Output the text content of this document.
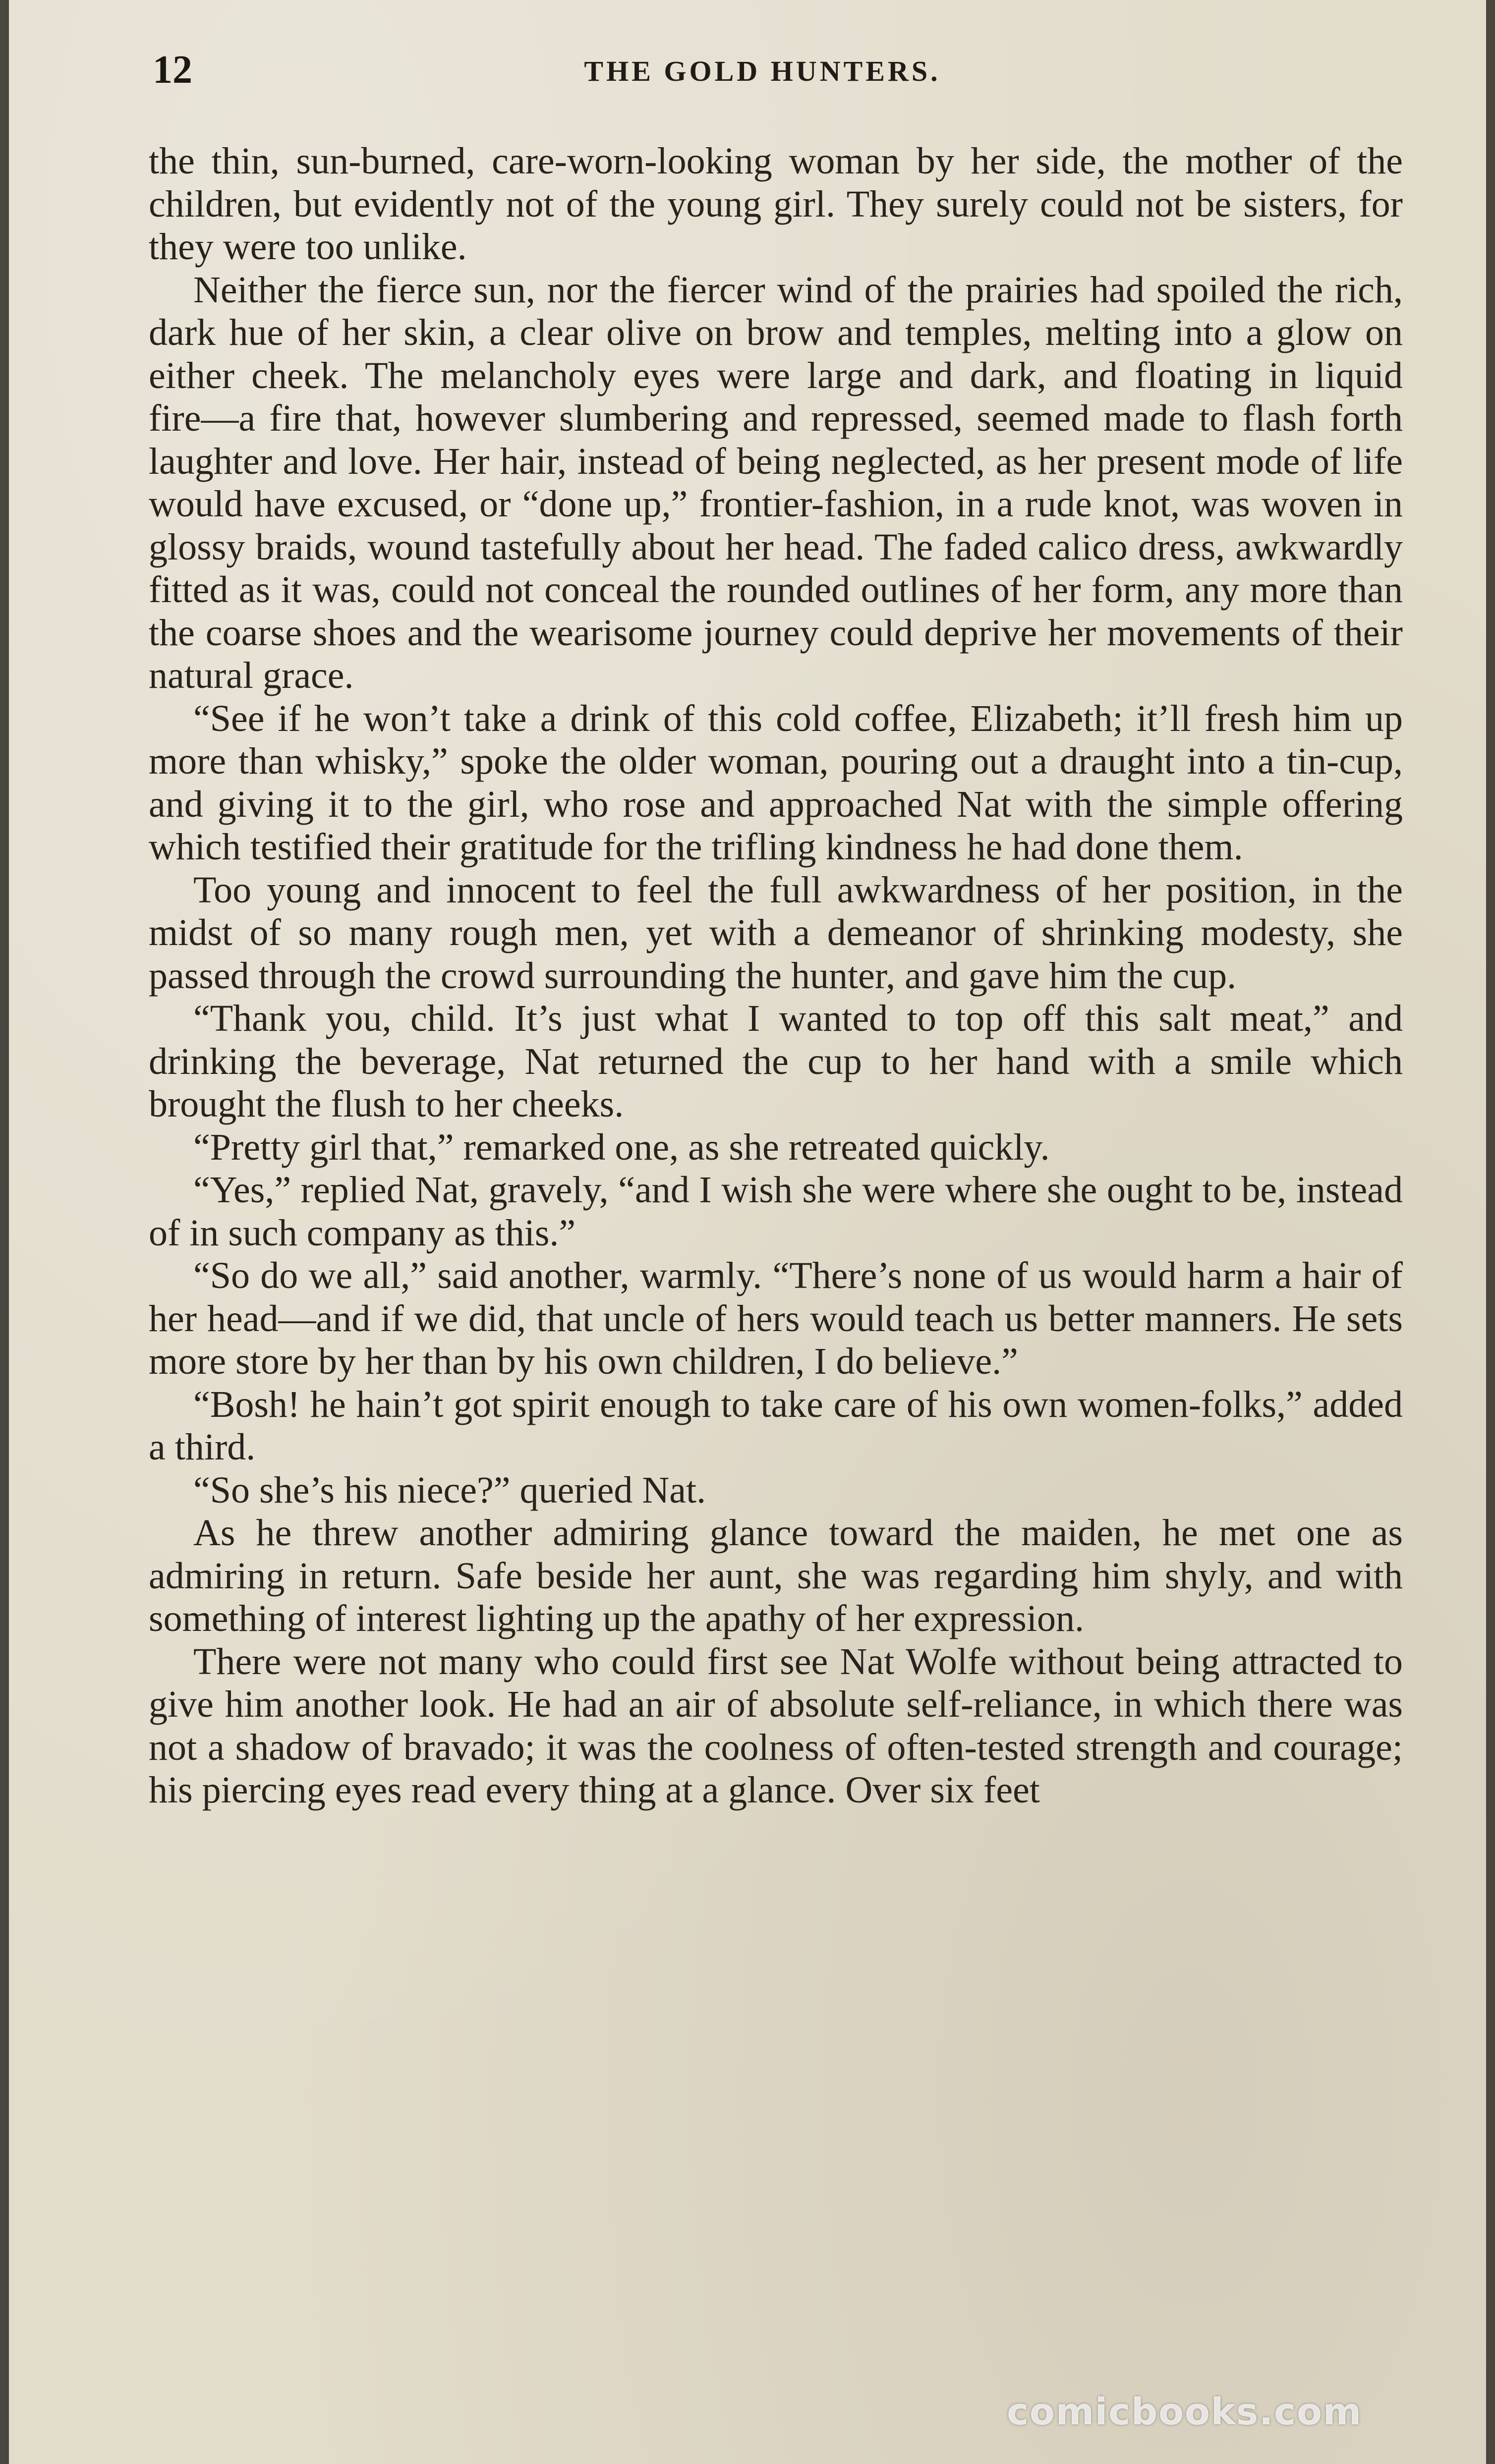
12	THE GOLD HUNTERS.

the thin, sun-burned, care-worn-looking woman by her side, the mother of the children, but evidently not of the young girl. They surely could not be sisters, for they were too unlike.

Neither the fierce sun, nor the fiercer wind of the prairies had spoiled the rich, dark hue of her skin, a clear olive on brow and temples, melting into a glow on either cheek. The melancholy eyes were large and dark, and floating in liquid fire––a fire that, however slumbering and repressed, seemed made to flash forth laughter and love. Her hair, instead of being neglected, as her present mode of life would have excused, or “done up,” frontier-fashion, in a rude knot, was woven in glossy braids, wound tastefully about her head. The faded calico dress, awkwardly fitted as it was, could not conceal the rounded outlines of her form, any more than the coarse shoes and the wearisome journey could deprive her movements of their natural grace.

“See if he won’t take a drink of this cold coffee, Elizabeth; it’ll fresh him up more than whisky,” spoke the older woman, pouring out a draught into a tin-cup, and giving it to the girl, who rose and approached Nat with the simple offering which testified their gratitude for the trifling kindness he had done them.

Too young and innocent to feel the full awkwardness of her position, in the midst of so many rough men, yet with a demeanor of shrinking modesty, she passed through the crowd surrounding the hunter, and gave him the cup.

“Thank you, child. It’s just what I wanted to top off this salt meat,” and drinking the beverage, Nat returned the cup to her hand with a smile which brought the flush to her cheeks.

“Pretty girl that,” remarked one, as she retreated quickly.

“Yes,” replied Nat, gravely, “and I wish she were where she ought to be, instead of in such company as this.”

“So do we all,” said another, warmly. “There’s none of us would harm a hair of her head—and if we did, that uncle of hers would teach us better manners. He sets more store by her than by his own children, I do believe.”

“Bosh! he hain’t got spirit enough to take care of his own women-folks,” added a third.

“So she’s his niece?” queried Nat.

As he threw another admiring glance toward the maiden, he met one as admiring in return. Safe beside her aunt, she was regarding him shyly, and with something of interest lighting up the apathy of her expression.

There were not many who could first see Nat Wolfe without being attracted to give him another look. He had an air of absolute self-reliance, in which there was not a shadow of bravado; it was the coolness of often-tested strength and courage; his piercing eyes read every thing at a glance. Over six feet

comicbooks.com
